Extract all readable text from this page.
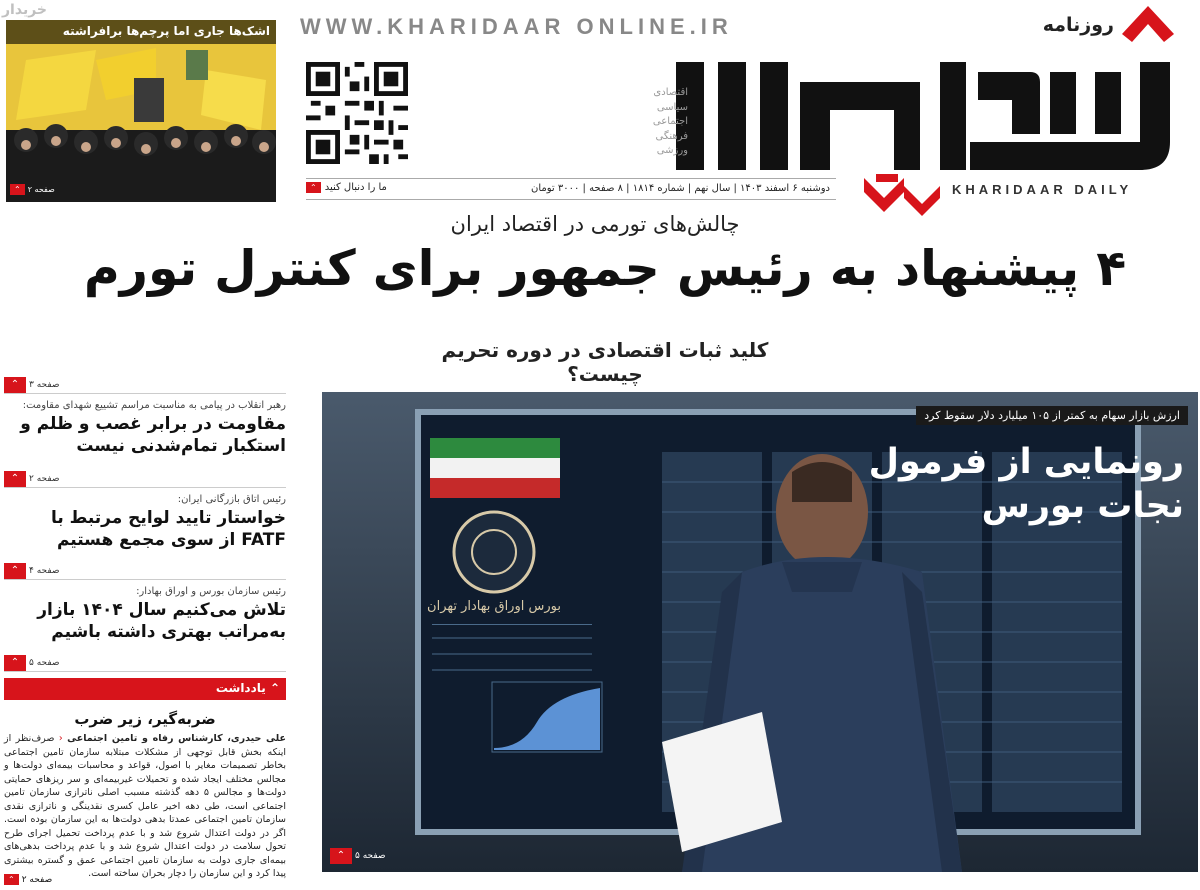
روزنامه
WWW.KHARIDAAR ONLINE.IR
اقتصادی
سیاسی
اجتماعی
فرهنگی
ورزشی
KHARIDAAR DAILY
دوشنبه ۶ اسفند ۱۴۰۳ | سال نهم | شماره ۱۸۱۴ | ۸ صفحه | ۳۰۰۰ تومان
⌃ ما را دنبال کنید
اشک‌ها جاری اما پرچم‌ها برافراشته
⌃ صفحه ۲
خریدار
چالش‌های تورمی در اقتصاد ایران
۴ پیشنهاد به رئیس جمهور برای کنترل تورم
کلید ثبات اقتصادی در دوره تحریم چیست؟
⌃	صفحه ۳
رهبر انقلاب در پیامی به مناسبت مراسم تشییع شهدای مقاومت:
مقاومت در برابر غصب و ظلم و استکبار تمام‌شدنی نیست
⌃	صفحه ۲
رئیس اتاق بازرگانی ایران:
خواستار تایید لوایح مرتبط با FATF از سوی مجمع هستیم
⌃	صفحه ۴
رئیس سازمان بورس و اوراق بهادار:
تلاش می‌کنیم سال ۱۴۰۴ بازار به‌مراتب بهتری داشته باشیم
⌃	صفحه ۵
⌃ یادداشت
ضربه‌گیر، زیر ضرب
علی حیدری، کارشناس رفاه و تامین اجتماعی ‹ صرف‌نظر از اینکه بخش قابل توجهی از مشکلات مبتلابه سازمان تامین اجتماعی بخاطر تصمیمات مغایر با اصول، قواعد و محاسبات بیمه‌ای دولت‌ها و مجالس مختلف ایجاد شده و تحمیلات غیربیمه‌ای و سر ریزهای حمایتی دولت‌ها و مجالس ۵ دهه گذشته مسبب اصلی ناترازی سازمان تامین اجتماعی است، طی دهه اخیر عامل کسری نقدینگی و ناترازی نقدی سازمان تامین اجتماعی عمدتا بدهی دولت‌ها به این سازمان بوده است. اگر در دولت اعتدال شروع شد و با عدم پرداخت تحمیل اجرای طرح تحول سلامت در دولت اعتدال شروع شد و با عدم پرداخت بدهی‌های بیمه‌ای جاری دولت به سازمان تامین اجتماعی عمق و گستره بیشتری پیدا کرد و این سازمان را دچار بحران ساخته است.
⌃ صفحه ۲
بورس اوراق بهادار تهران
ارزش بازار سهام به کمتر از ۱۰۵ میلیارد دلار سقوط کرد
رونمایی از فرمول نجات بورس
⌃	صفحه ۵
